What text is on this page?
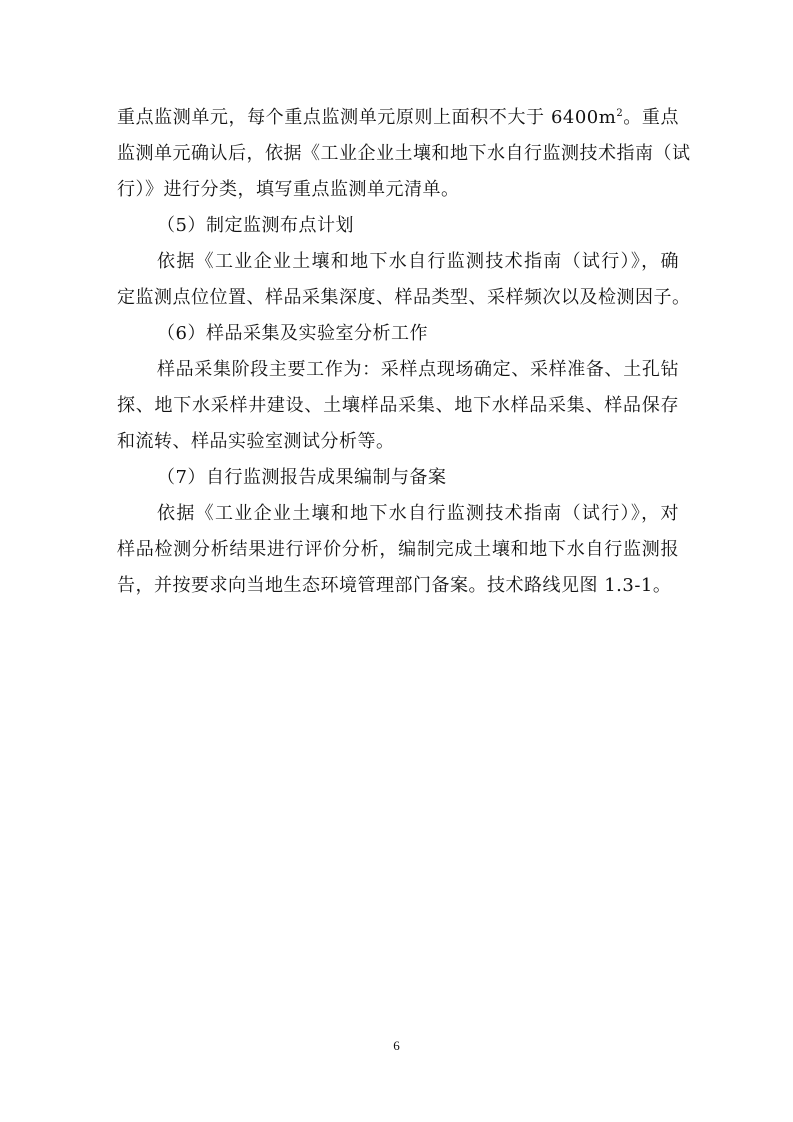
重点监测单元，每个重点监测单元原则上面积不大于 $6400m^2$。重点
监测单元确认后，依据《工业企业土壤和地下水自行监测技术指南（试
行）》进行分类，填写重点监测单元清单。
（5）制定监测布点计划
依据《工业企业土壤和地下水自行监测技术指南（试行）》，确
定监测点位位置、样品采集深度、样品类型、采样频次以及检测因子。
（6）样品采集及实验室分析工作
样品采集阶段主要工作为：采样点现场确定、采样准备、土孔钻
探、地下水采样井建设、土壤样品采集、地下水样品采集、样品保存
和流转、样品实验室测试分析等。
（7）自行监测报告成果编制与备案
依据《工业企业土壤和地下水自行监测技术指南（试行）》，对
样品检测分析结果进行评价分析，编制完成土壤和地下水自行监测报
告，并按要求向当地生态环境管理部门备案。技术路线见图 1.3-1。
6
